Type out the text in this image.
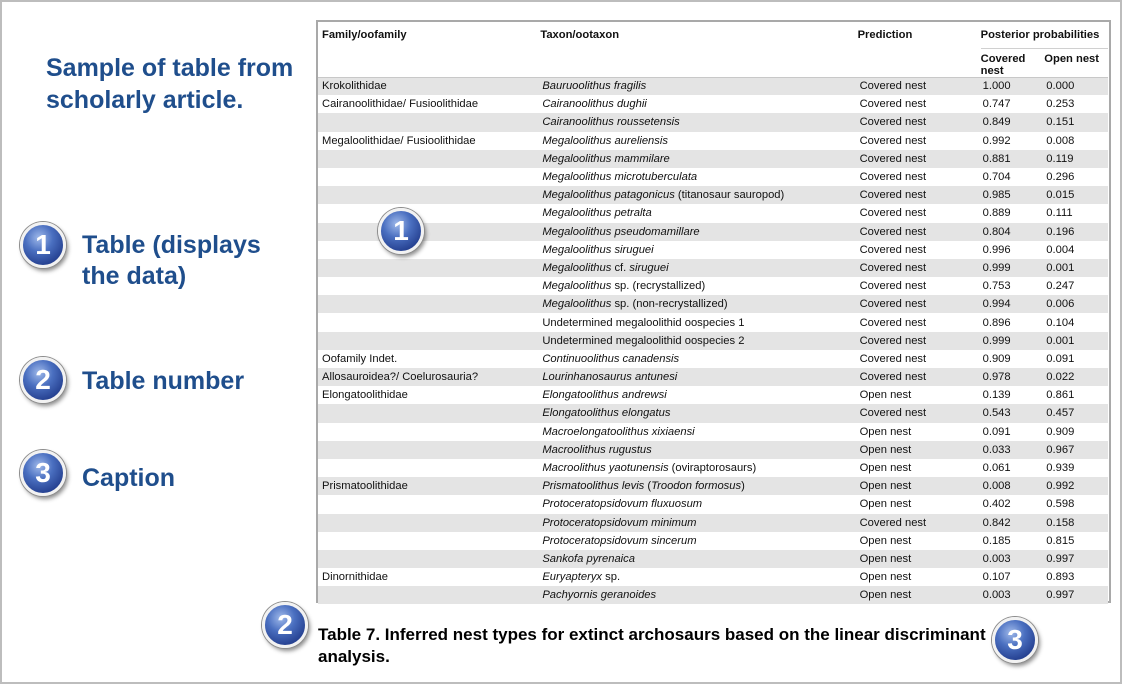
Sample of table from scholarly article.
1	Table (displays the data)
2	Table number
3	Caption
Family/oofamily	Taxon/ootaxon	Prediction	Posterior probabilities	
			Covered nest	Open nest
Krokolithidae	Bauruoolithus fragilis	Covered nest	1.000	0.000
Cairanoolithidae/ Fusioolithidae	Cairanoolithus dughii	Covered nest	0.747	0.253
	Cairanoolithus roussetensis	Covered nest	0.849	0.151
Megaloolithidae/ Fusioolithidae	Megaloolithus aureliensis	Covered nest	0.992	0.008
	Megaloolithus mammilare	Covered nest	0.881	0.119
	Megaloolithus microtuberculata	Covered nest	0.704	0.296
	Megaloolithus patagonicus (titanosaur sauropod)	Covered nest	0.985	0.015
	Megaloolithus petralta	Covered nest	0.889	0.111
	Megaloolithus pseudomamillare	Covered nest	0.804	0.196
	Megaloolithus siruguei	Covered nest	0.996	0.004
	Megaloolithus cf. siruguei	Covered nest	0.999	0.001
	Megaloolithus sp. (recrystallized)	Covered nest	0.753	0.247
	Megaloolithus sp. (non-recrystallized)	Covered nest	0.994	0.006
	Undetermined megaloolithid oospecies 1	Covered nest	0.896	0.104
	Undetermined megaloolithid oospecies 2	Covered nest	0.999	0.001
Oofamily Indet.	Continuoolithus canadensis	Covered nest	0.909	0.091
Allosauroidea?/ Coelurosauria?	Lourinhanosaurus antunesi	Covered nest	0.978	0.022
Elongatoolithidae	Elongatoolithus andrewsi	Open nest	0.139	0.861
	Elongatoolithus elongatus	Covered nest	0.543	0.457
	Macroelongatoolithus xixiaensi	Open nest	0.091	0.909
	Macroolithus rugustus	Open nest	0.033	0.967
	Macroolithus yaotunensis (oviraptorosaurs)	Open nest	0.061	0.939
Prismatoolithidae	Prismatoolithus levis (Troodon formosus)	Open nest	0.008	0.992
	Protoceratopsidovum fluxuosum	Open nest	0.402	0.598
	Protoceratopsidovum minimum	Covered nest	0.842	0.158
	Protoceratopsidovum sincerum	Open nest	0.185	0.815
	Sankofa pyrenaica	Open nest	0.003	0.997
Dinornithidae	Euryapteryx sp.	Open nest	0.107	0.893
	Pachyornis geranoides	Open nest	0.003	0.997
1
2	Table 7. Inferred nest types for extinct archosaurs based on the linear discriminant analysis.
3
